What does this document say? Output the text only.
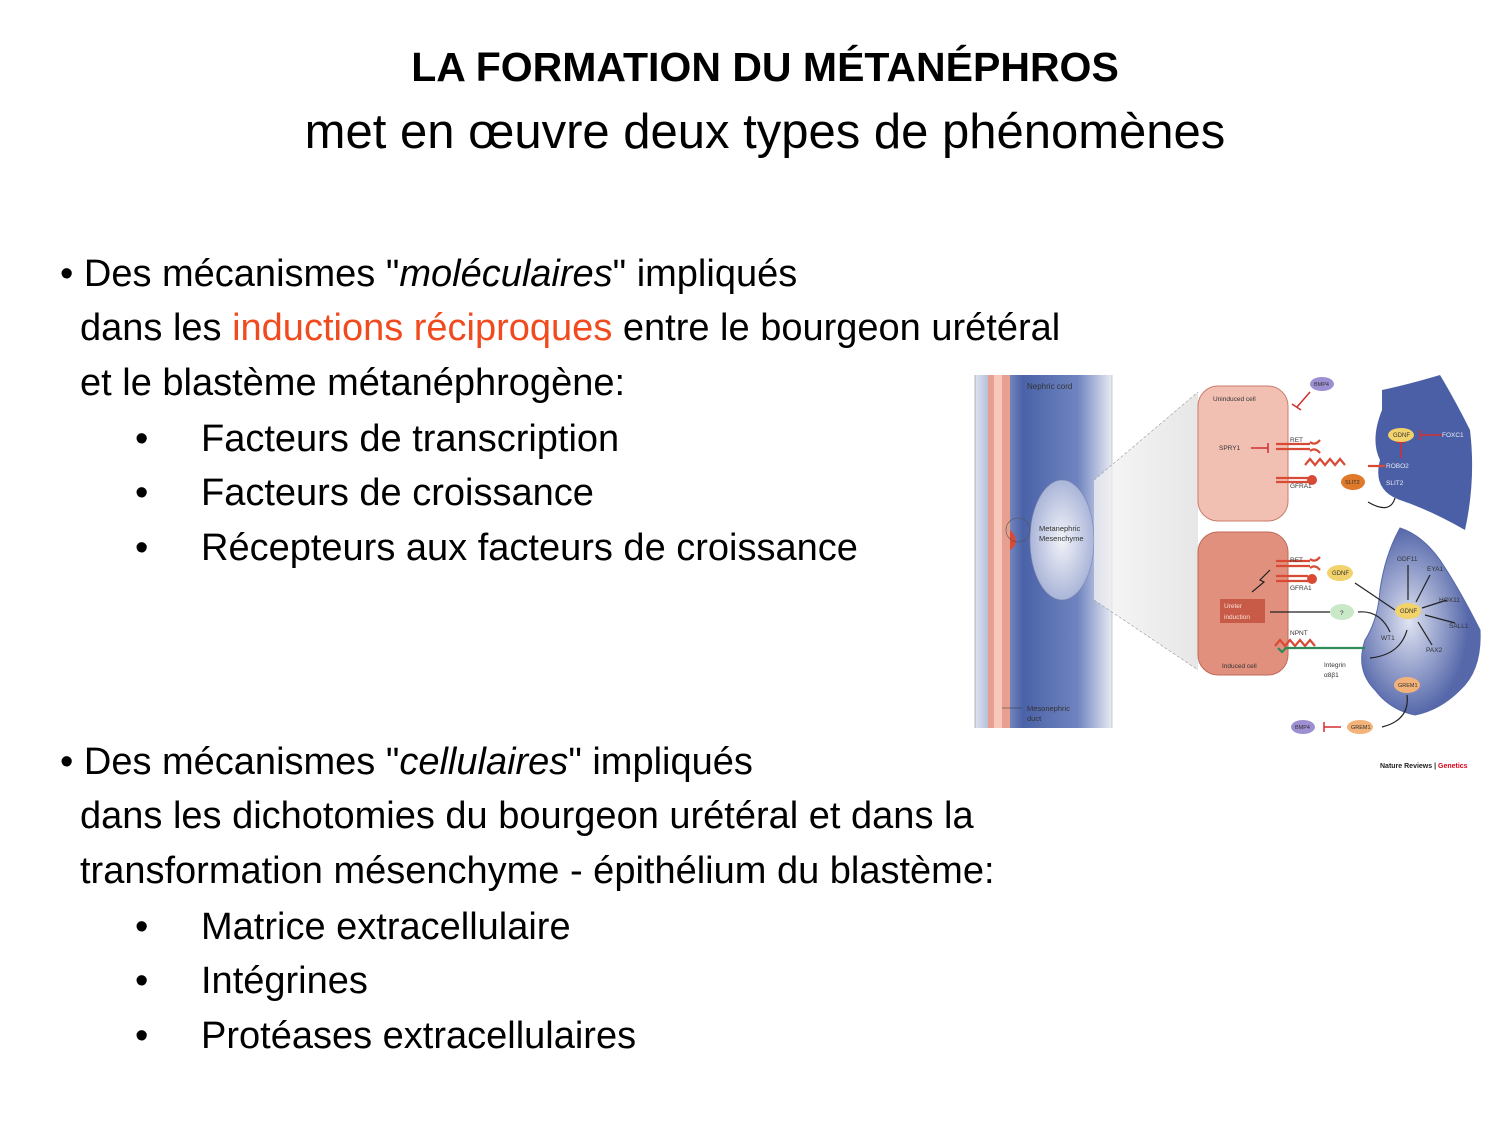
LA FORMATION DU MÉTANÉPHROS
met en œuvre deux types de phénomènes
• Des mécanismes "moléculaires" impliqués
dans les inductions réciproques entre le bourgeon urétéral
et le blastème métanéphrogène:
• Facteurs de transcription
• Facteurs de croissance
• Récepteurs aux facteurs de croissance
• Des mécanismes "cellulaires" impliqués
dans les dichotomies du bourgeon urétéral et dans la
transformation mésenchyme - épithélium du blastème:
• Matrice extracellulaire
• Intégrines
• Protéases extracellulaires
Nephric cord
Metanephric
Mesenchyme
Mesonephric
duct
Uninduced cell
SPRY1
RET
GFRA1
BMP4
SLIT2
GDNF	FOXC1
ROBO2
SLIT2
RET
GFRA1
GDNF
Ureter
induction
?
NPNT
Integrin
α8β1
Induced cell
GDF11
EYA1
HOX11
SALL1
PAX2
WT1
GDNF
GREM1
GREM1
BMP4
Nature Reviews | Genetics
